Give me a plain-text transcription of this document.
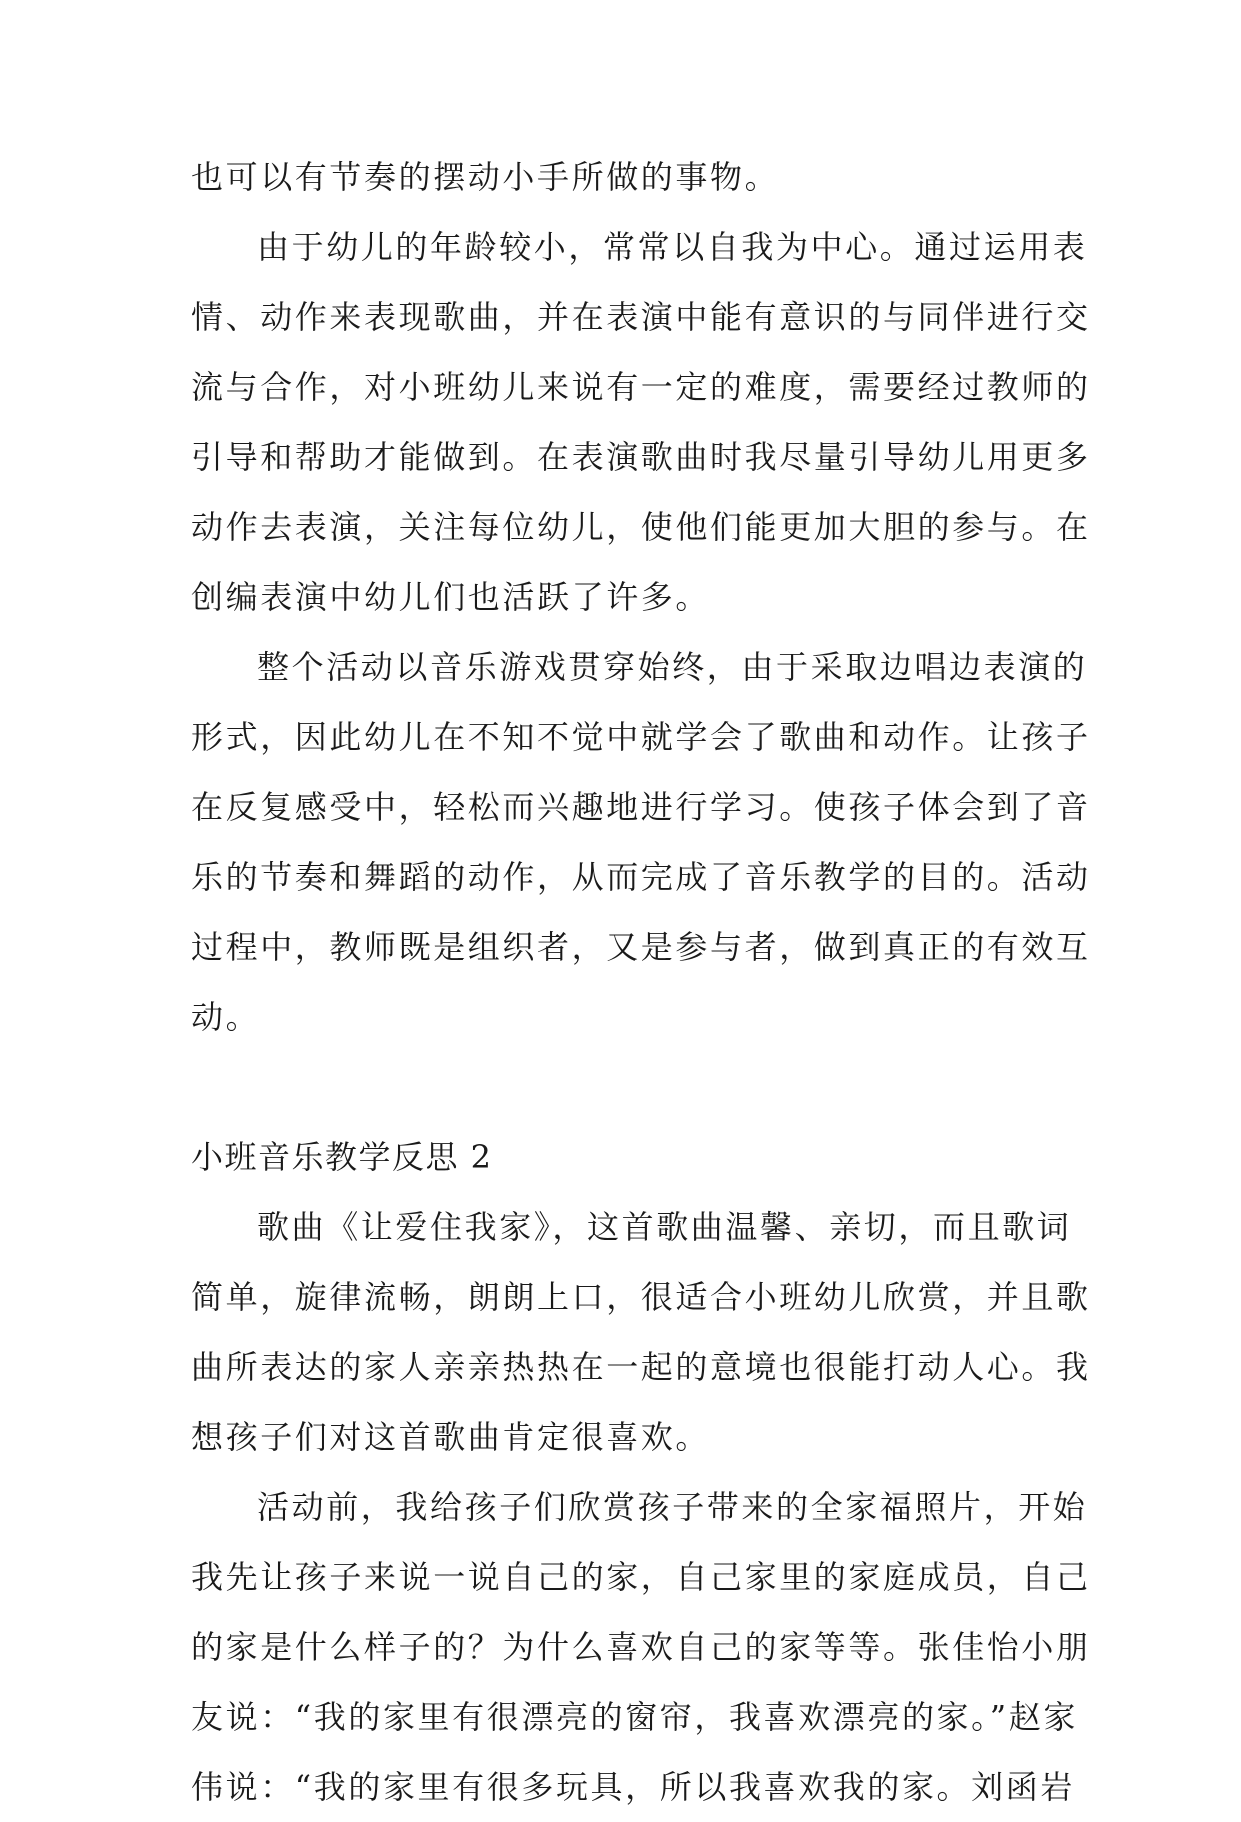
也可以有节奏的摆动小手所做的事物。
由于幼儿的年龄较小，常常以自我为中心。通过运用表
情、动作来表现歌曲，并在表演中能有意识的与同伴进行交
流与合作，对小班幼儿来说有一定的难度，需要经过教师的
引导和帮助才能做到。在表演歌曲时我尽量引导幼儿用更多
动作去表演，关注每位幼儿，使他们能更加大胆的参与。在
创编表演中幼儿们也活跃了许多。
整个活动以音乐游戏贯穿始终，由于采取边唱边表演的
形式，因此幼儿在不知不觉中就学会了歌曲和动作。让孩子
在反复感受中，轻松而兴趣地进行学习。使孩子体会到了音
乐的节奏和舞蹈的动作，从而完成了音乐教学的目的。活动
过程中，教师既是组织者，又是参与者，做到真正的有效互
动。
小班音乐教学反思 2
歌曲《让爱住我家》，这首歌曲温馨、亲切，而且歌词
简单，旋律流畅，朗朗上口，很适合小班幼儿欣赏，并且歌
曲所表达的家人亲亲热热在一起的意境也很能打动人心。我
想孩子们对这首歌曲肯定很喜欢。
活动前，我给孩子们欣赏孩子带来的全家福照片，开始
我先让孩子来说一说自己的家，自己家里的家庭成员，自己
的家是什么样子的？为什么喜欢自己的家等等。张佳怡小朋
友说：“我的家里有很漂亮的窗帘，我喜欢漂亮的家。”赵家
伟说：“我的家里有很多玩具，所以我喜欢我的家。刘函岩
